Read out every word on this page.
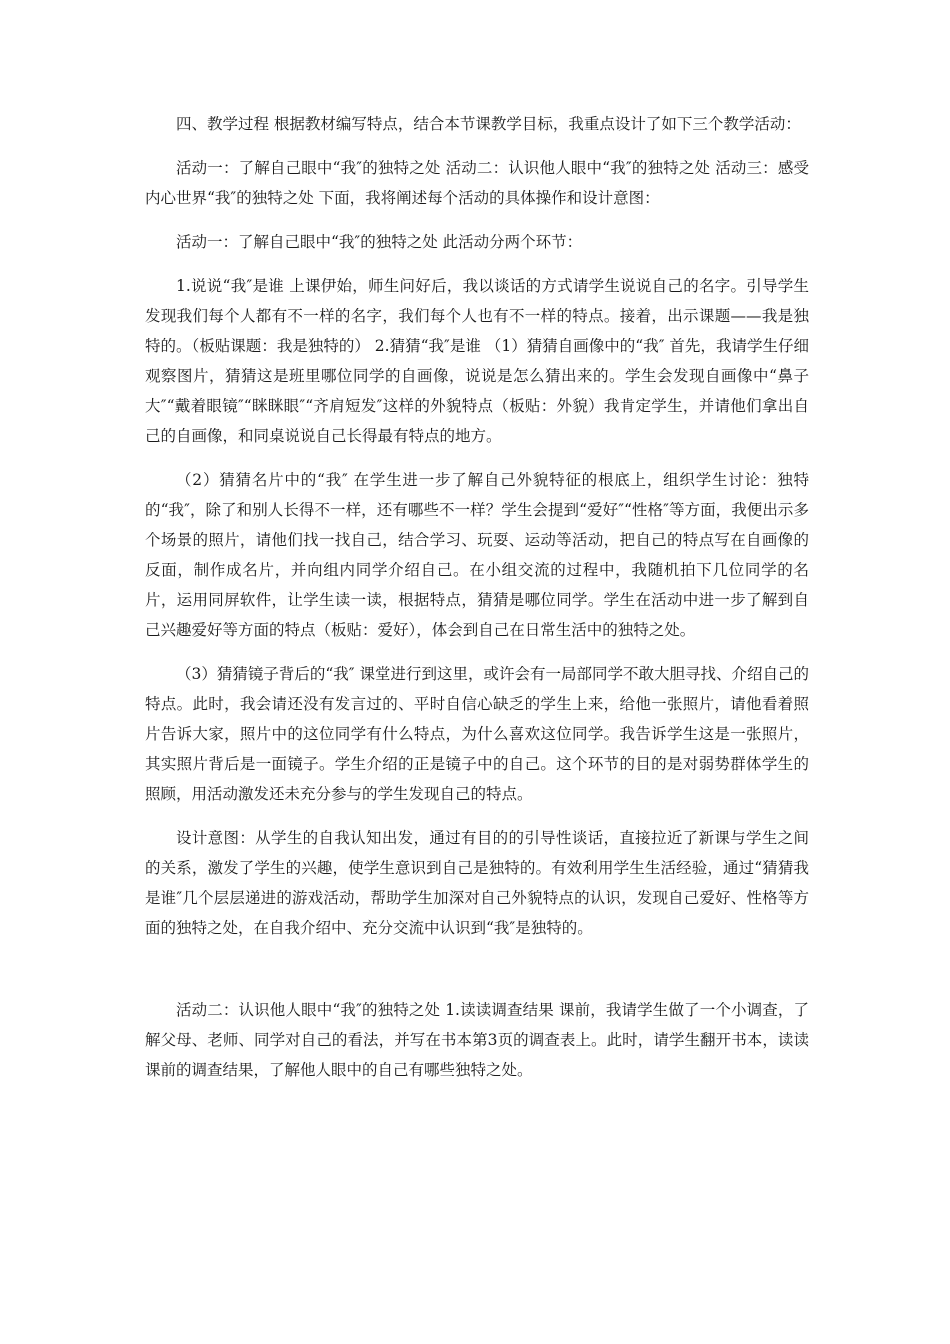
四、教学过程 根据教材编写特点，结合本节课教学目标，我重点设计了如下三个教学活动：

活动一：了解自己眼中“我″的独特之处 活动二：认识他人眼中“我″的独特之处 活动三：感受内心世界“我″的独特之处 下面，我将阐述每个活动的具体操作和设计意图：

活动一：了解自己眼中“我″的独特之处 此活动分两个环节：

1.说说“我″是谁 上课伊始，师生问好后，我以谈话的方式请学生说说自己的名字。引导学生发现我们每个人都有不一样的名字，我们每个人也有不一样的特点。接着，出示课题——我是独特的。（板贴课题：我是独特的） 2.猜猜“我″是谁 （1）猜猜自画像中的“我″ 首先，我请学生仔细观察图片，猜猜这是班里哪位同学的自画像，说说是怎么猜出来的。学生会发现自画像中“鼻子大″“戴着眼镜″“眯眯眼″“齐肩短发″这样的外貌特点（板贴：外貌）我肯定学生，并请他们拿出自己的自画像，和同桌说说自己长得最有特点的地方。

（2）猜猜名片中的“我″ 在学生进一步了解自己外貌特征的根底上，组织学生讨论：独特的“我″，除了和别人长得不一样，还有哪些不一样？学生会提到“爱好″“性格″等方面，我便出示多个场景的照片，请他们找一找自己，结合学习、玩耍、运动等活动，把自己的特点写在自画像的反面，制作成名片，并向组内同学介绍自己。在小组交流的过程中，我随机拍下几位同学的名片，运用同屏软件，让学生读一读，根据特点，猜猜是哪位同学。学生在活动中进一步了解到自己兴趣爱好等方面的特点（板贴：爱好），体会到自己在日常生活中的独特之处。

（3）猜猜镜子背后的“我″ 课堂进行到这里，或许会有一局部同学不敢大胆寻找、介绍自己的特点。此时，我会请还没有发言过的、平时自信心缺乏的学生上来，给他一张照片，请他看着照片告诉大家，照片中的这位同学有什么特点，为什么喜欢这位同学。我告诉学生这是一张照片，其实照片背后是一面镜子。学生介绍的正是镜子中的自己。这个环节的目的是对弱势群体学生的照顾，用活动激发还未充分参与的学生发现自己的特点。

设计意图：从学生的自我认知出发，通过有目的的引导性谈话，直接拉近了新课与学生之间的关系，激发了学生的兴趣，使学生意识到自己是独特的。有效利用学生生活经验，通过“猜猜我是谁″几个层层递进的游戏活动，帮助学生加深对自己外貌特点的认识，发现自己爱好、性格等方面的独特之处，在自我介绍中、充分交流中认识到“我″是独特的。

活动二：认识他人眼中“我″的独特之处 1.读读调查结果 课前，我请学生做了一个小调查，了解父母、老师、同学对自己的看法，并写在书本第3页的调查表上。此时，请学生翻开书本，读读课前的调查结果，了解他人眼中的自己有哪些独特之处。
